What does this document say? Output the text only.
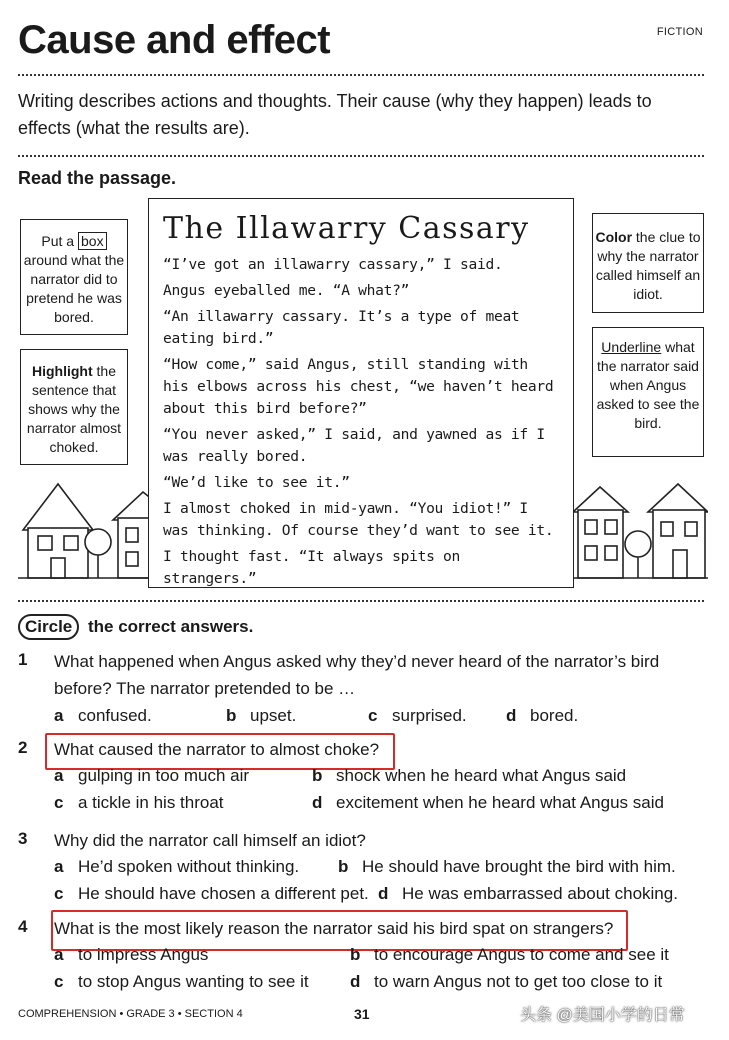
Cause and effect	FICTION
Writing describes actions and thoughts. Their cause (why they happen) leads to effects (what the results are).
Read the passage.
Put a box around what the narrator did to pretend he was bored.
Highlight the sentence that shows why the narrator almost choked.
Color the clue to why the narrator called himself an idiot.
Underline what the narrator said when Angus asked to see the bird.
The Illawarry Cassary
“I’ve got an illawarry cassary,” I said.
Angus eyeballed me. “A what?”
“An illawarry cassary. It’s a type of meat eating bird.”
“How come,” said Angus, still standing with his elbows across his chest, “we haven’t heard about this bird before?”
“You never asked,” I said, and yawned as if I was really bored.
“We’d like to see it.”
I almost choked in mid-yawn. “You idiot!” I was thinking. Of course they’d want to see it.
I thought fast. “It always spits on strangers.”
Circle the correct answers.
1 What happened when Angus asked why they’d never heard of the narrator’s bird before? The narrator pretended to be …
a confused.	b upset.	c surprised. d bored.
2 What caused the narrator to almost choke?
a gulping in too much air	b shock when he heard what Angus said
c a tickle in his throat	d excitement when he heard what Angus said
3 Why did the narrator call himself an idiot?
a He’d spoken without thinking. b He should have brought the bird with him.
c He should have chosen a different pet. d He was embarrassed about choking.
4 What is the most likely reason the narrator said his bird spat on strangers?
a to impress Angus	b to encourage Angus to come and see it
c to stop Angus wanting to see it d to warn Angus not to get too close to it
COMPREHENSION • GRADE 3 • SECTION 4	31	头条 @美国小学的日常
